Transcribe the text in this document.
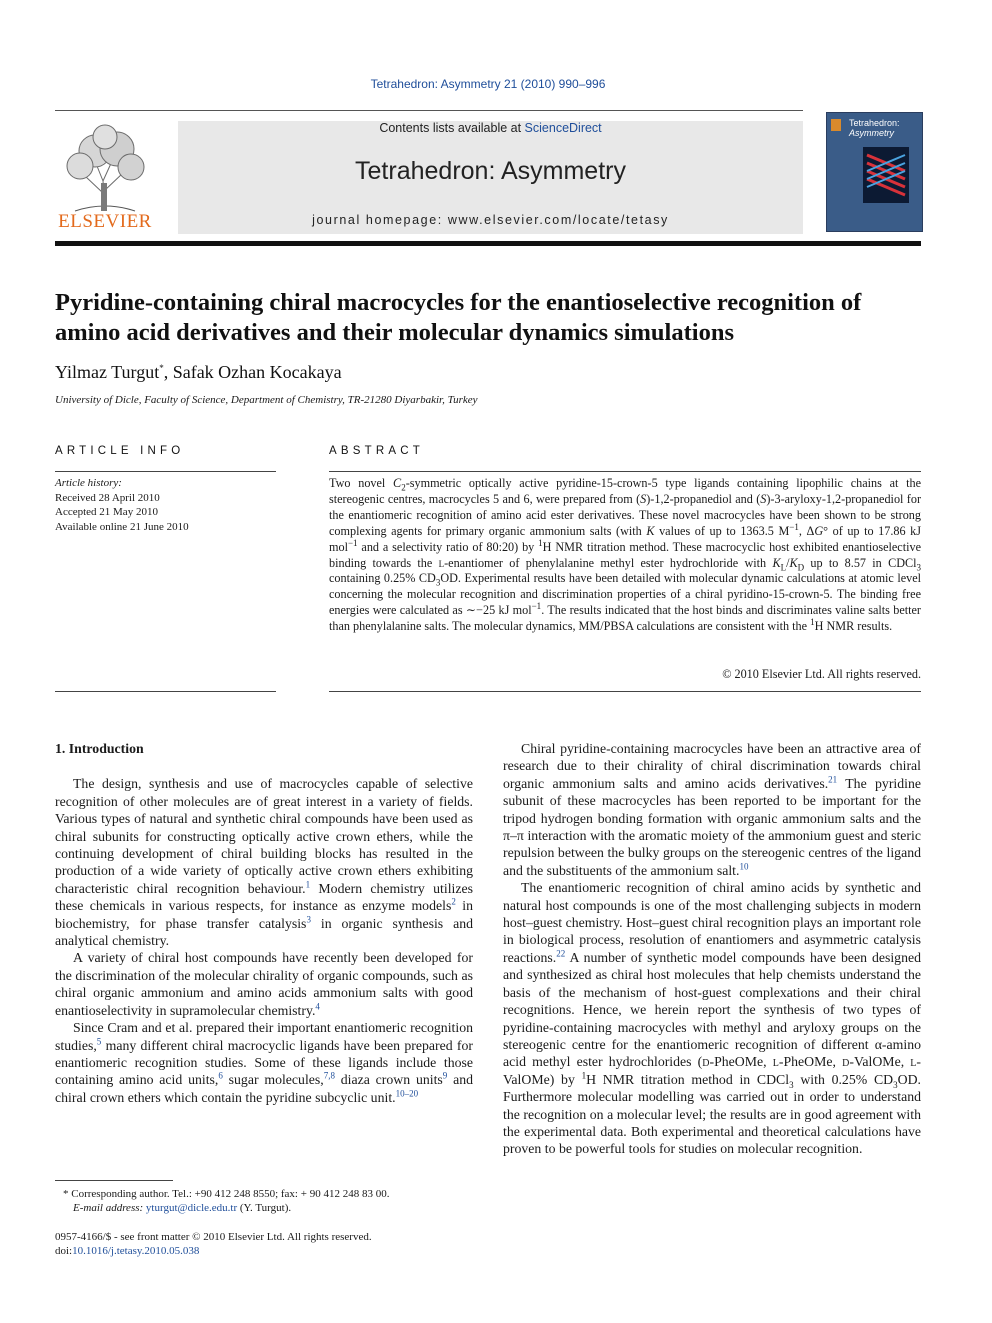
Tetrahedron: Asymmetry 21 (2010) 990–996
ELSEVIER
Contents lists available at ScienceDirect
Tetrahedron: Asymmetry
journal homepage: www.elsevier.com/locate/tetasy
Tetrahedron:
Asymmetry
Pyridine-containing chiral macrocycles for the enantioselective recognition of amino acid derivatives and their molecular dynamics simulations
Yilmaz Turgut*, Safak Ozhan Kocakaya
University of Dicle, Faculty of Science, Department of Chemistry, TR-21280 Diyarbakir, Turkey
ARTICLE INFO
Article history:
Received 28 April 2010
Accepted 21 May 2010
Available online 21 June 2010
ABSTRACT
Two novel $C_2$-symmetric optically active pyridine-15-crown-5 type ligands containing lipophilic chains at the stereogenic centres, macrocycles 5 and 6, were prepared from (S)-1,2-propanediol and (S)-3-aryloxy-1,2-propanediol for the enantiomeric recognition of amino acid ester derivatives. These novel macrocycles have been shown to be strong complexing agents for primary organic ammonium salts (with K values of up to 1363.5 $M^{-1}$, ΔG° of up to 17.86 kJ mol$^{-1}$ and a selectivity ratio of 80:20) by $^1$H NMR titration method. These macrocyclic host exhibited enantioselective binding towards the l-enantiomer of phenylalanine methyl ester hydrochloride with $K_L/K_D$ up to 8.57 in CDCl$_3$ containing 0.25% $CD_3OD$. Experimental results have been detailed with molecular dynamic calculations at atomic level concerning the molecular recognition and discrimination properties of a chiral pyridino-15-crown-5. The binding free energies were calculated as ∼−25 kJ mol$^{-1}$. The results indicated that the host binds and discriminates valine salts better than phenylalanine salts. The molecular dynamics, MM/PBSA calculations are consistent with the $^1$H NMR results.
© 2010 Elsevier Ltd. All rights reserved.
1. Introduction

The design, synthesis and use of macrocycles capable of selective recognition of other molecules are of great interest in a variety of fields. Various types of natural and synthetic chiral compounds have been used as chiral subunits for constructing optically active crown ethers, while the continuing development of chiral building blocks has resulted in the production of a wide variety of optically active crown ethers exhibiting characteristic chiral recognition behaviour.$^1$ Modern chemistry utilizes these chemicals in various respects, for instance as enzyme models$^2$ in biochemistry, for phase transfer catalysis$^3$ in organic synthesis and analytical chemistry.

A variety of chiral host compounds have recently been developed for the discrimination of the molecular chirality of organic compounds, such as chiral organic ammonium and amino acids ammonium salts with good enantioselectivity in supramolecular chemistry.$^4$

Since Cram and et al. prepared their important enantiomeric recognition studies,$^5$ many different chiral macrocyclic ligands have been prepared for enantiomeric recognition studies. Some of these ligands include those containing amino acid units,$^6$ sugar molecules,$^{7,8}$ diaza crown units$^9$ and chiral crown ethers which contain the pyridine subcyclic unit.$^{10-20}$

Chiral pyridine-containing macrocycles have been an attractive area of research due to their chirality of chiral discrimination towards chiral organic ammonium salts and amino acids derivatives.$^{21}$ The pyridine subunit of these macrocycles has been reported to be important for the tripod hydrogen bonding formation with organic ammonium salts and the π–π interaction with the aromatic moiety of the ammonium guest and steric repulsion between the bulky groups on the stereogenic centres of the ligand and the substituents of the ammonium salt.$^{10}$

The enantiomeric recognition of chiral amino acids by synthetic and natural host compounds is one of the most challenging subjects in modern host–guest chemistry. Host–guest chiral recognition plays an important role in biological process, resolution of enantiomers and asymmetric catalysis reactions.$^{22}$ A number of synthetic model compounds have been designed and synthesized as chiral host molecules that help chemists understand the basis of the mechanism of host-guest complexations and their chiral recognitions. Hence, we herein report the synthesis of two types of pyridine-containing macrocycles with methyl and aryloxy groups on the stereogenic centre for the enantiomeric recognition of different α-amino acid methyl ester hydrochlorides (d-PheOMe, l-PheOMe, d-ValOMe, l-ValOMe) by $^1$H NMR titration method in CDCl$_3$ with 0.25% $CD_3OD$. Furthermore molecular modelling was carried out in order to understand the recognition on a molecular level; the results are in good agreement with the experimental data. Both experimental and theoretical calculations have proven to be powerful tools for studies on molecular recognition.

* Corresponding author. Tel.: +90 412 248 8550; fax: + 90 412 248 83 00.
E-mail address: yturgut@dicle.edu.tr (Y. Turgut).
0957-4166/$ - see front matter © 2010 Elsevier Ltd. All rights reserved.
doi:10.1016/j.tetasy.2010.05.038
